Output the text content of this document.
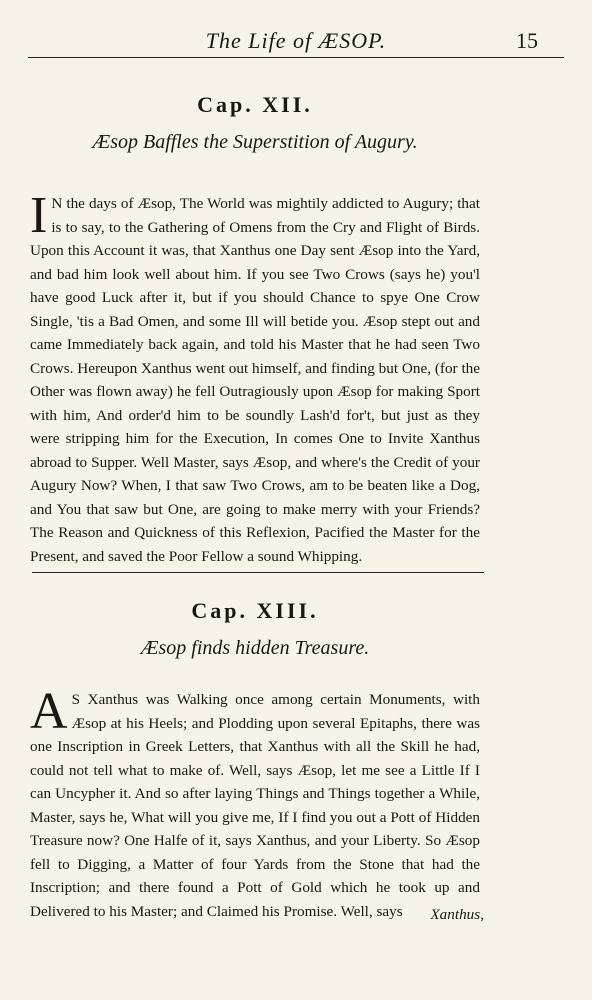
The Life of ÆSOP.	15
Cap. XII.
Æsop Baffles the Superstition of Augury.

I N the days of Æsop, The World was mightily addicted to Augury; that is to say, to the Gathering of Omens from the Cry and Flight of Birds. Upon this Account it was, that Xanthus one Day sent Æsop into the Yard, and bad him look well about him. If you see Two Crows (says he) you'l have good Luck after it, but if you should Chance to spye One Crow Single, 'tis a Bad Omen, and some Ill will betide you. Æsop stept out and came Immediately back again, and told his Master that he had seen Two Crows. Hereupon Xanthus went out himself, and finding but One, (for the Other was flown away) he fell Outragiously upon Æsop for making Sport with him, And order'd him to be soundly Lash'd for't, but just as they were stripping him for the Execution, In comes One to Invite Xanthus abroad to Supper. Well Master, says Æsop, and where's the Credit of your Augury Now? When, I that saw Two Crows, am to be beaten like a Dog, and You that saw but One, are going to make merry with your Friends? The Reason and Quickness of this Reflexion, Pacified the Master for the Present, and saved the Poor Fellow a sound Whipping.

Cap. XIII.
Æsop finds hidden Treasure.

A S Xanthus was Walking once among certain Monuments, with Æsop at his Heels; and Plodding upon several Epitaphs, there was one Inscription in Greek Letters, that Xanthus with all the Skill he had, could not tell what to make of. Well, says Æsop, let me see a Little If I can Uncypher it. And so after laying Things and Things together a While, Master, says he, What will you give me, If I find you out a Pott of Hidden Treasure now? One Halfe of it, says Xanthus, and your Liberty. So Æsop fell to Digging, a Matter of four Yards from the Stone that had the Inscription; and there found a Pott of Gold which he took up and Delivered to his Master; and Claimed his Promise. Well, says	Xanthus,
